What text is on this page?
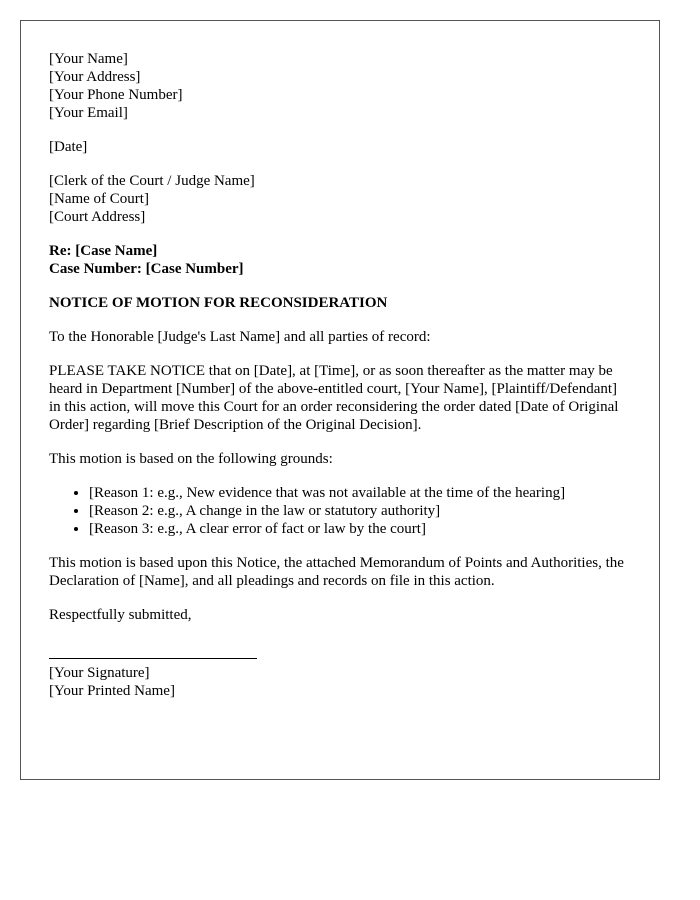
[Your Name]
[Your Address]
[Your Phone Number]
[Your Email]
[Date]
[Clerk of the Court / Judge Name]
[Name of Court]
[Court Address]
Re: [Case Name]
Case Number: [Case Number]

NOTICE OF MOTION FOR RECONSIDERATION

To the Honorable [Judge's Last Name] and all parties of record:

PLEASE TAKE NOTICE that on [Date], at [Time], or as soon thereafter as the matter may be heard in Department [Number] of the above-entitled court, [Your Name], [Plaintiff/Defendant] in this action, will move this Court for an order reconsidering the order dated [Date of Original Order] regarding [Brief Description of the Original Decision].

This motion is based on the following grounds:

• [Reason 1: e.g., New evidence that was not available at the time of the hearing]
• [Reason 2: e.g., A change in the law or statutory authority]
• [Reason 3: e.g., A clear error of fact or law by the court]

This motion is based upon this Notice, the attached Memorandum of Points and Authorities, the Declaration of [Name], and all pleadings and records on file in this action.

Respectfully submitted,

[Your Signature]
[Your Printed Name]
